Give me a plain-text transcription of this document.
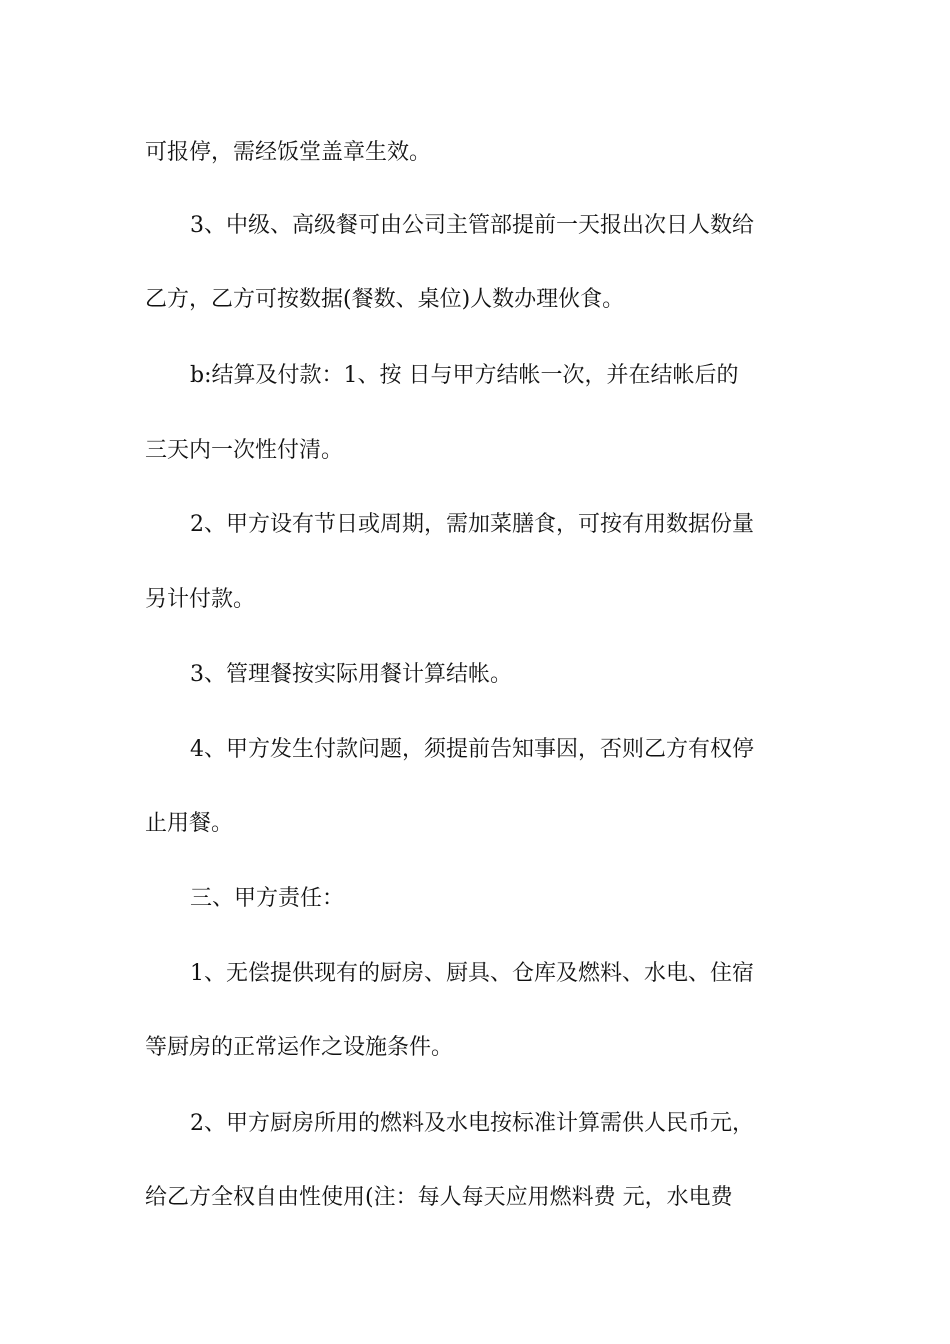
可报停，需经饭堂盖章生效。
3、中级、高级餐可由公司主管部提前一天报出次日人数给
乙方，乙方可按数据(餐数、桌位)人数办理伙食。
b:结算及付款：1、按 日与甲方结帐一次，并在结帐后的
三天内一次性付清。
2、甲方设有节日或周期，需加菜膳食，可按有用数据份量
另计付款。
3、管理餐按实际用餐计算结帐。
4、甲方发生付款问题，须提前告知事因，否则乙方有权停
止用餐。
三、甲方责任：
1、无偿提供现有的厨房、厨具、仓库及燃料、水电、住宿
等厨房的正常运作之设施条件。
2、甲方厨房所用的燃料及水电按标准计算需供人民币元，
给乙方全权自由性使用(注：每人每天应用燃料费 元，水电费
